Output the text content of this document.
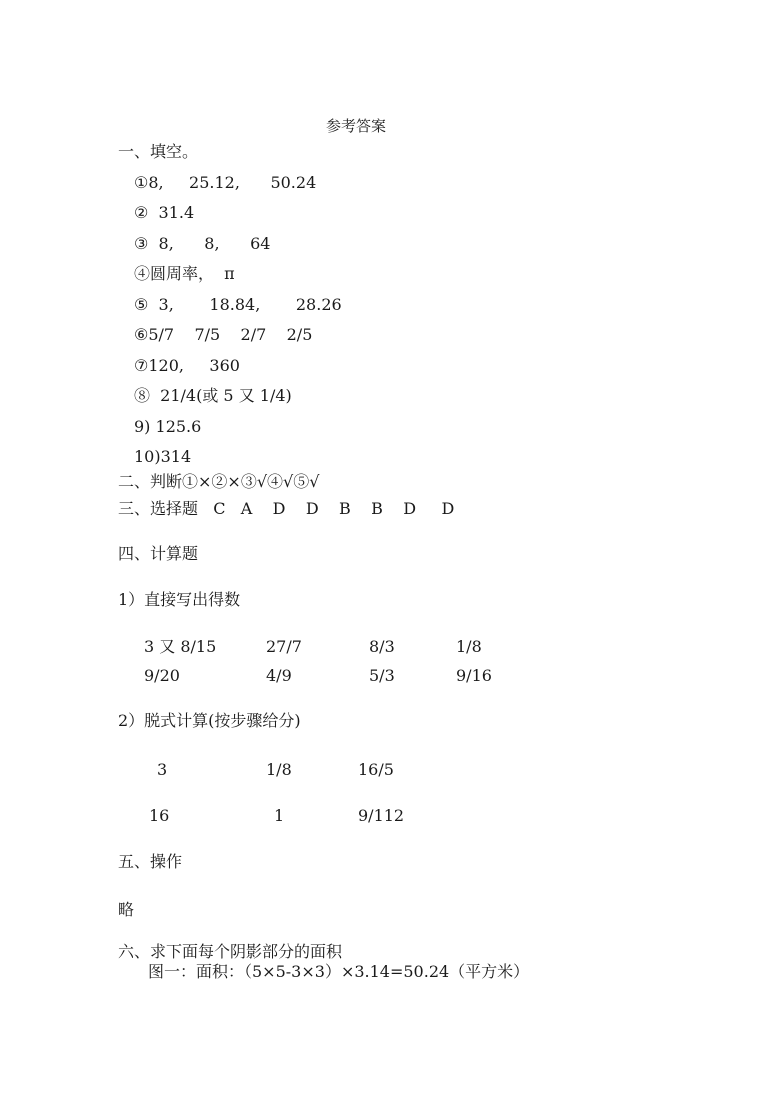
参考答案
一、填空。
①8,     25.12,      50.24
②  31.4
③  8,      8,      64
④圆周率，  π
⑤  3,       18.84,       28.26
⑥5/7    7/5    2/7    2/5
⑦120,     360
⑧  21/4(或 5 又 1/4)
9) 125.6
10)314
二、判断①×②×③√④√⑤√
三、选择题   C   A    D    D    B    B    D     D
四、计算题
1）直接写出得数
3 又 8/15	27/7	8/3	1/8
9/20	4/9	5/3	9/16
2）脱式计算(按步骤给分)
3	1/8	16/5
16	1	9/112
五、操作
略
六、求下面每个阴影部分的面积
图一：面积：（5×5-3×3）×3.14=50.24（平方米）
